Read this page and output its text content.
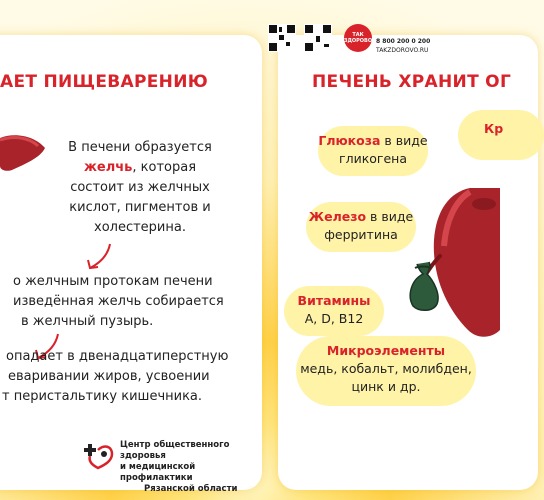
АЕТ ПИЩЕВАРЕНИЮ
В печени образуется
желчь, которая
состоит из желчных
кислот, пигментов и
холестерина.
о желчным протокам печени
изведённая желчь собирается
в желчный пузырь.
опадает в двенадцатиперстную
еваривании жиров, усвоении
т перистальтику кишечника.
Центр общественного здоровья
и медицинской профилактики
Рязанской области
ТАК ЗДОРОВО 8 800 200 0 200
TAKZDOROVO.RU
ПЕЧЕНЬ ХРАНИТ ОГ
Глюкоза в виде
гликогена
Кр
Железо в виде
ферритина
Витамины
A, D, B12
Микроэлементы
медь, кобальт, молибден,
цинк и др.
